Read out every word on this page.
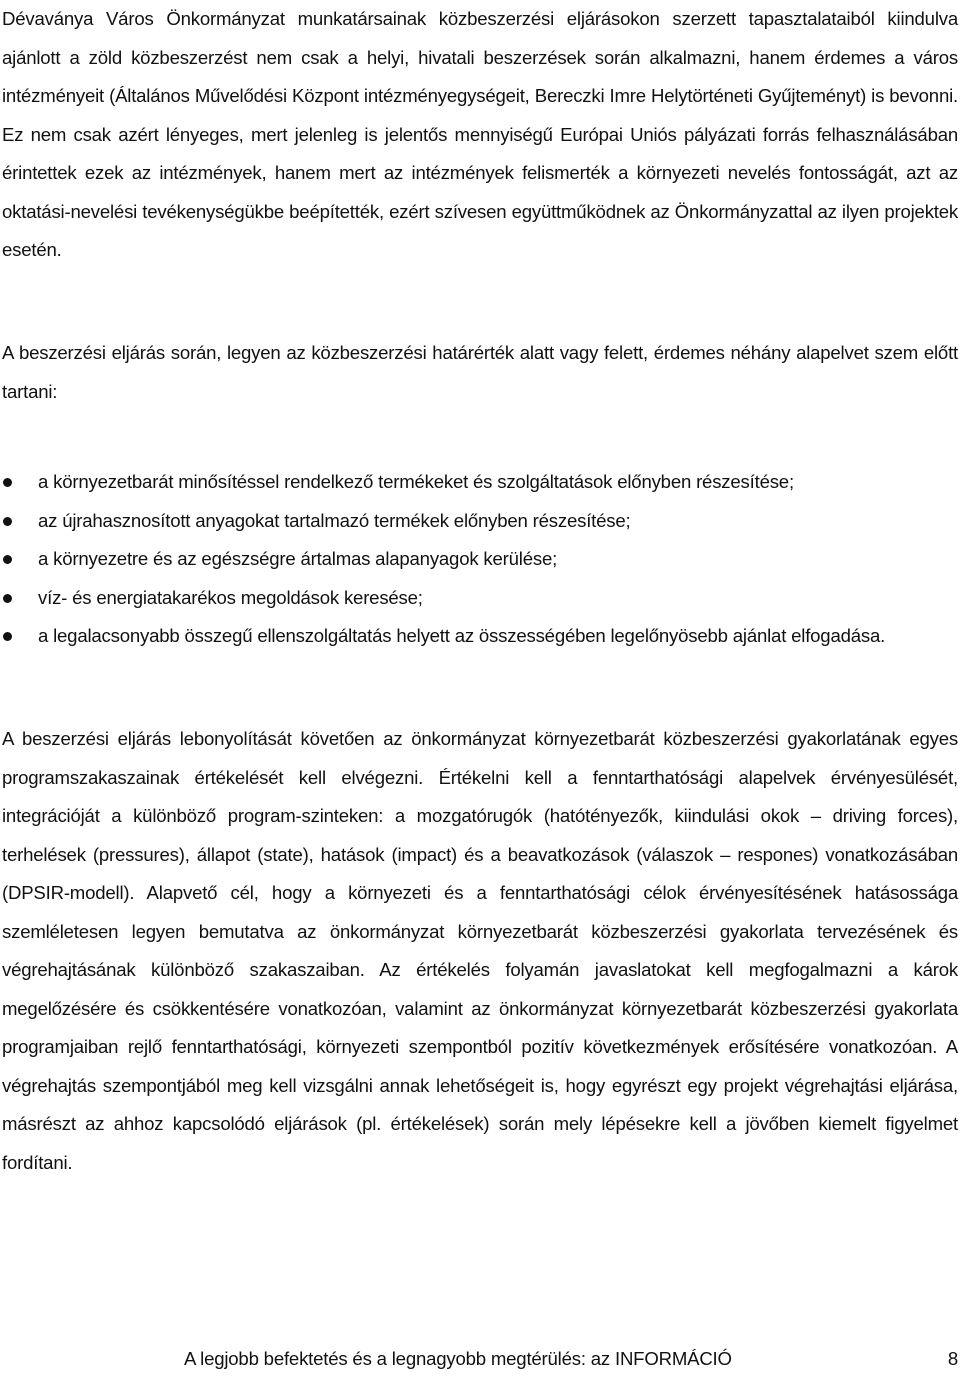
Dévaványa Város Önkormányzat munkatársainak közbeszerzési eljárásokon szerzett tapasztalataiból kiindulva ajánlott a zöld közbeszerzést nem csak a helyi, hivatali beszerzések során alkalmazni, hanem érdemes a város intézményeit (Általános Művelődési Központ intézményegységeit, Bereczki Imre Helytörténeti Gyűjteményt) is bevonni. Ez nem csak azért lényeges, mert jelenleg is jelentős mennyiségű Európai Uniós pályázati forrás felhasználásában érintettek ezek az intézmények, hanem mert az intézmények felismerték a környezeti nevelés fontosságát, azt az oktatási-nevelési tevékenységükbe beépítették, ezért szívesen együttműködnek az Önkormányzattal az ilyen projektek esetén.

A beszerzési eljárás során, legyen az közbeszerzési határérték alatt vagy felett, érdemes néhány alapelvet szem előtt tartani:

a környezetbarát minősítéssel rendelkező termékeket és szolgáltatások előnyben részesítése;
az újrahasznosított anyagokat tartalmazó termékek előnyben részesítése;
a környezetre és az egészségre ártalmas alapanyagok kerülése;
víz- és energiatakarékos megoldások keresése;
a legalacsonyabb összegű ellenszolgáltatás helyett az összességében legelőnyösebb ajánlat elfogadása.

A beszerzési eljárás lebonyolítását követően az önkormányzat környezetbarát közbeszerzési gyakorlatának egyes programszakaszainak értékelését kell elvégezni. Értékelni kell a fenntarthatósági alapelvek érvényesülését, integrációját a különböző program-szinteken: a mozgatórugók (hatótényezők, kiindulási okok – driving forces), terhelések (pressures), állapot (state), hatások (impact) és a beavatkozások (válaszok – respones) vonatkozásában (DPSIR-modell). Alapvető cél, hogy a környezeti és a fenntarthatósági célok érvényesítésének hatásossága szemléletesen legyen bemutatva az önkormányzat környezetbarát közbeszerzési gyakorlata tervezésének és végrehajtásának különböző szakaszaiban. Az értékelés folyamán javaslatokat kell megfogalmazni a károk megelőzésére és csökkentésére vonatkozóan, valamint az önkormányzat környezetbarát közbeszerzési gyakorlata programjaiban rejlő fenntarthatósági, környezeti szempontból pozitív következmények erősítésére vonatkozóan. A végrehajtás szempontjából meg kell vizsgálni annak lehetőségeit is, hogy egyrészt egy projekt végrehajtási eljárása, másrészt az ahhoz kapcsolódó eljárások (pl. értékelések) során mely lépésekre kell a jövőben kiemelt figyelmet fordítani.

A legjobb befektetés és a legnagyobb megtérülés: az INFORMÁCIÓ	8
